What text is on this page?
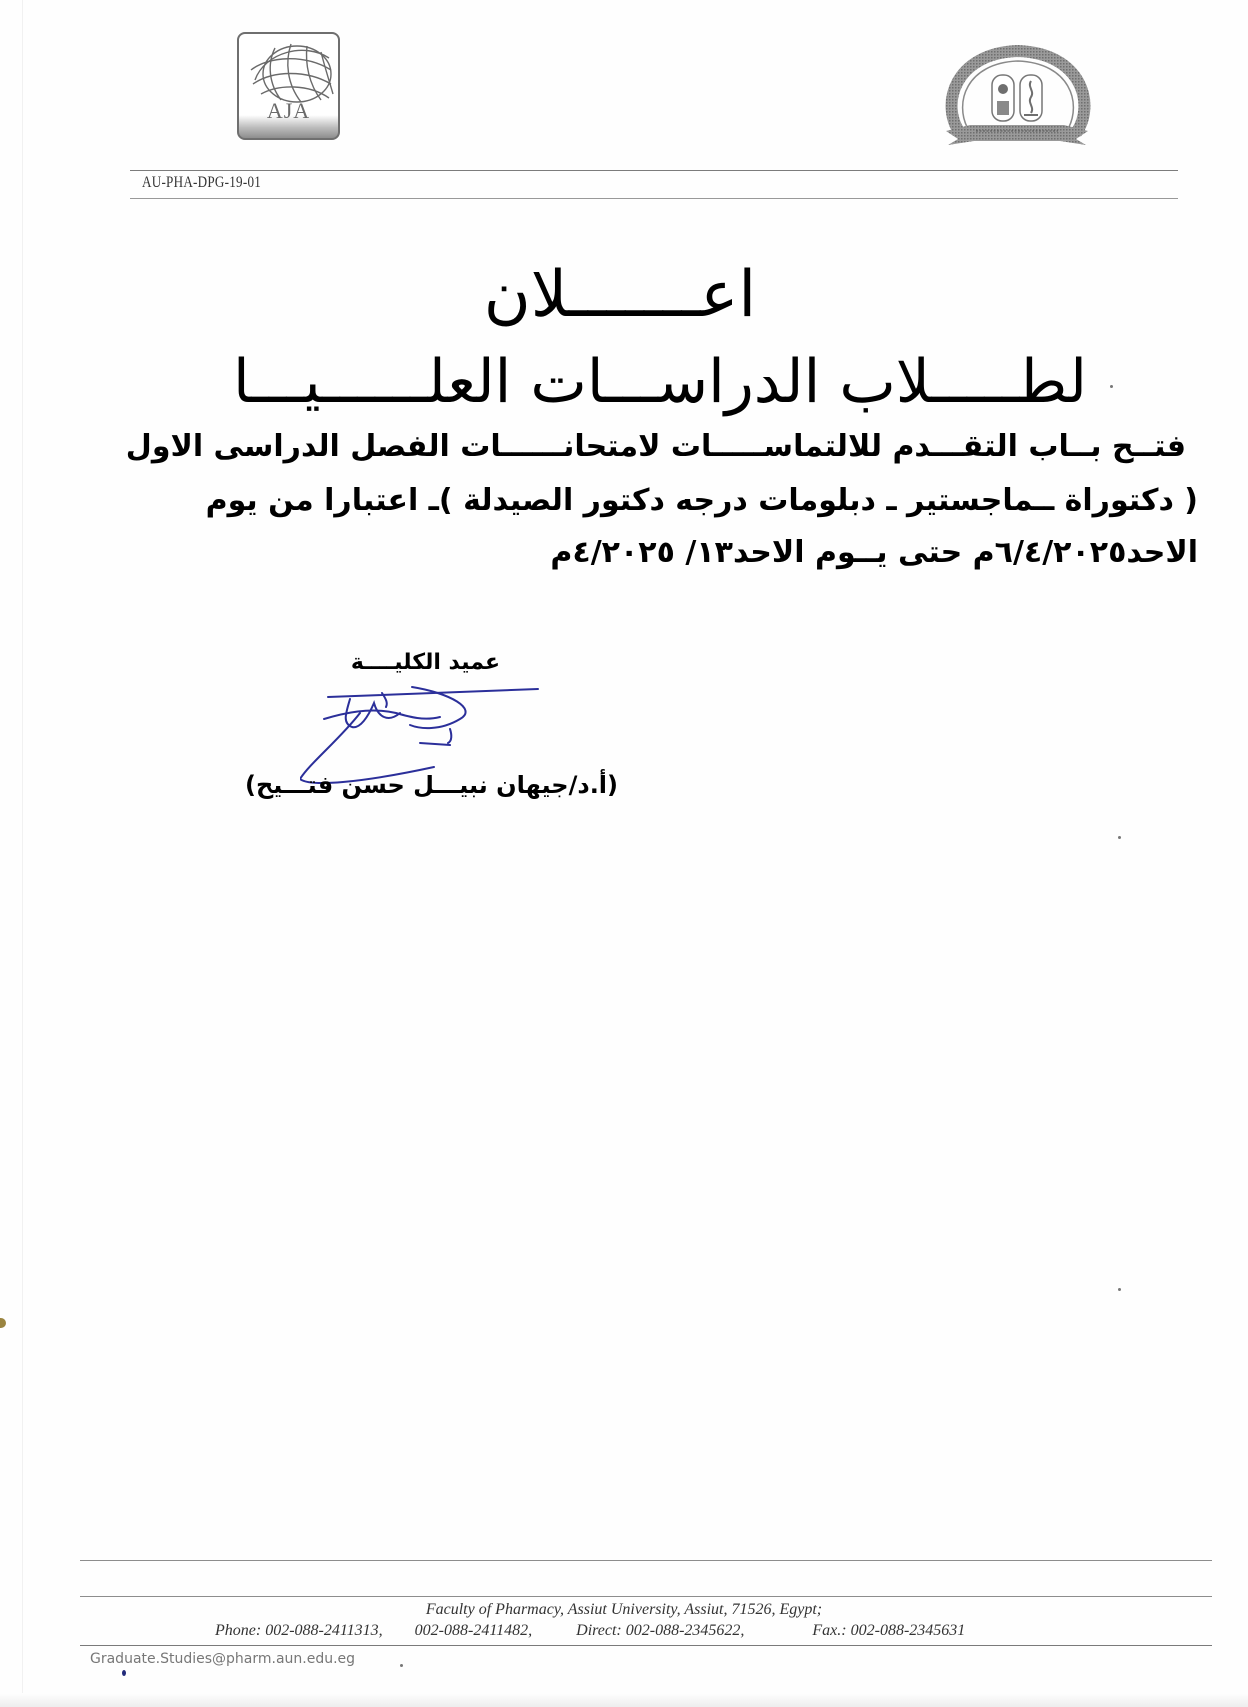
AJA
AU-PHA-DPG-19-01
اعـــــــلان
لطـــــلاب الدراســـات العلــــــيـــا
فتــح بــاب التقـــدم للالتماســـــات لامتحانــــــات الفصل الدراسى الاول
( دكتوراة ــماجستير ـ دبلومات درجه دكتور الصيدلة )ـ اعتبارا من يوم
الاحد٦/٤/٢٠٢٥م حتى يــوم الاحد١٣/ ٤/٢٠٢٥م
عميد الكليــــة
(أ.د/جيهان نبيـــل حسن فتـــيح)
Faculty of Pharmacy, Assiut University, Assiut, 71526, Egypt;
Phone: 002-088-2411313, 002-088-2411482,	Direct: 002-088-2345622,	Fax.: 002-088-2345631
Graduate.Studies@pharm.aun.edu.eg
